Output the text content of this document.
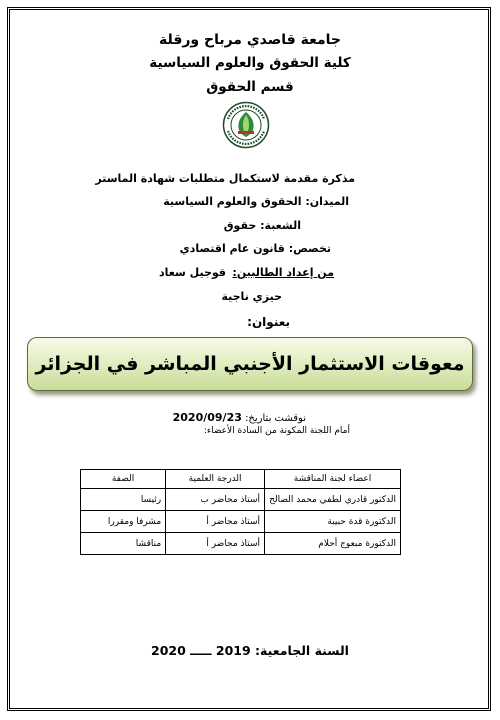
جامعة قاصدي مرباح ورقلة
كلية الحقوق والعلوم السياسية
قسم الحقوق
مذكرة مقدمة لاستكمال متطلبات شهادة الماستر
الميدان: الحقوق والعلوم السياسية
الشعبة: حقوق
تخصص: قانون عام اقتصادي
من إعداد الطالبين:
قوجيل سعاد
حيزي ناجية
بعنوان:
معوقات الاستثمار الأجنبي المباشر في الجزائر
نوقشت بتاريخ: 2020/09/23
أمام اللجنة المكونة من السادة الأعضاء:
اعضاء لجنة المناقشة	الدرجة العلمية	الصفة
الدكتور قادري لطفي محمد الصالح	أستاذ محاضر ب	رئيسا
الدكتورة قدة حبيبة	أستاذ محاضر أ	مشرفا ومقررا
الدكتورة مبعوج أحلام	أستاذ محاضر أ	مناقشا
السنة الجامعية: 2019 ـــــ 2020
